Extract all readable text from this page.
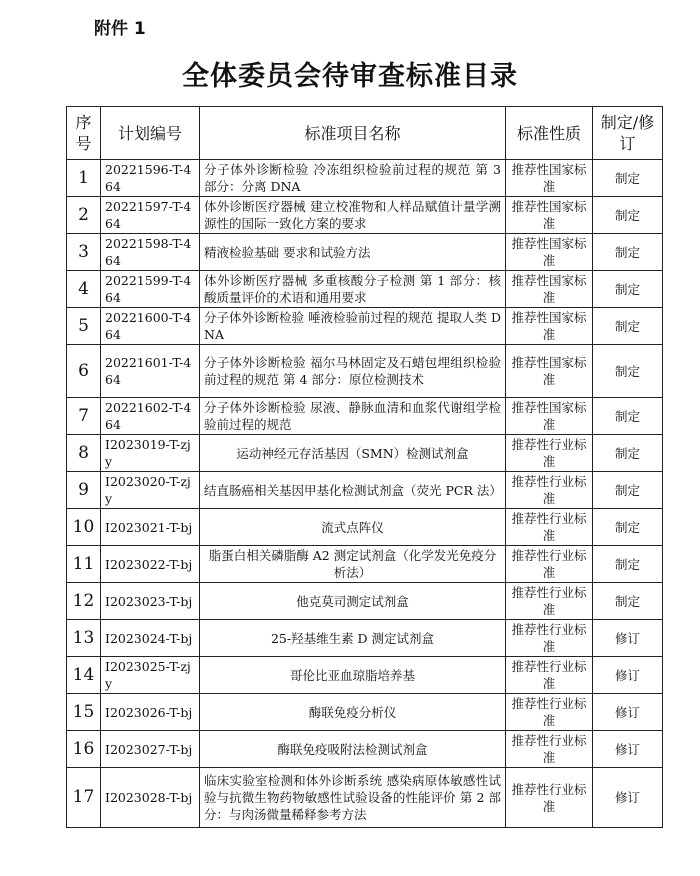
附件 1
全体委员会待审查标准目录
序号	计划编号	标准项目名称	标准性质	制定/修订
1	20221596-T-464	分子体外诊断检验 冷冻组织检验前过程的规范 第 3 部分：分离 DNA	推荐性国家标准	制定
2	20221597-T-464	体外诊断医疗器械 建立校准物和人样品赋值计量学溯源性的国际一致化方案的要求	推荐性国家标准	制定
3	20221598-T-464	精液检验基础 要求和试验方法	推荐性国家标准	制定
4	20221599-T-464	体外诊断医疗器械 多重核酸分子检测 第 1 部分：核酸质量评价的术语和通用要求	推荐性国家标准	制定
5	20221600-T-464	分子体外诊断检验 唾液检验前过程的规范 提取人类 DNA	推荐性国家标准	制定
6	20221601-T-464	分子体外诊断检验 福尔马林固定及石蜡包埋组织检验前过程的规范 第 4 部分：原位检测技术	推荐性国家标准	制定
7	20221602-T-464	分子体外诊断检验 尿液、静脉血清和血浆代谢组学检验前过程的规范	推荐性国家标准	制定
8	I2023019-T-zjy	运动神经元存活基因（SMN）检测试剂盒	推荐性行业标准	制定
9	I2023020-T-zjy	结直肠癌相关基因甲基化检测试剂盒（荧光 PCR 法）	推荐性行业标准	制定
10	I2023021-T-bj	流式点阵仪	推荐性行业标准	制定
11	I2023022-T-bj	脂蛋白相关磷脂酶 A2 测定试剂盒（化学发光免疫分析法）	推荐性行业标准	制定
12	I2023023-T-bj	他克莫司测定试剂盒	推荐性行业标准	制定
13	I2023024-T-bj	25-羟基维生素 D 测定试剂盒	推荐性行业标准	修订
14	I2023025-T-zjy	哥伦比亚血琼脂培养基	推荐性行业标准	修订
15	I2023026-T-bj	酶联免疫分析仪	推荐性行业标准	修订
16	I2023027-T-bj	酶联免疫吸附法检测试剂盒	推荐性行业标准	修订
17	I2023028-T-bj	临床实验室检测和体外诊断系统 感染病原体敏感性试验与抗微生物药物敏感性试验设备的性能评价 第 2 部分：与肉汤微量稀释参考方法	推荐性行业标准	修订
